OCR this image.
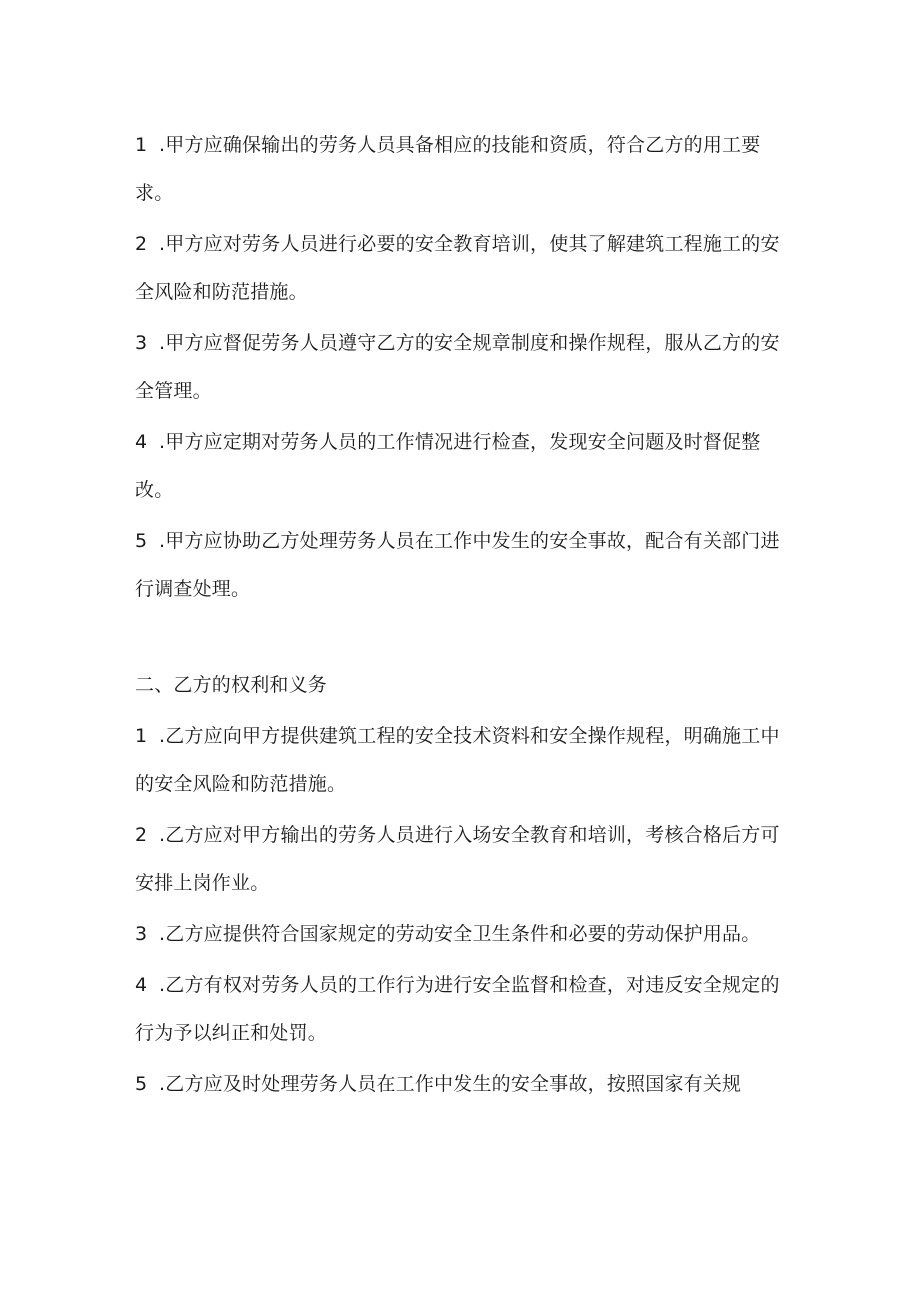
1 .甲方应确保输出的劳务人员具备相应的技能和资质，符合乙方的用工要求。
2 .甲方应对劳务人员进行必要的安全教育培训，使其了解建筑工程施工的安全风险和防范措施。
3 .甲方应督促劳务人员遵守乙方的安全规章制度和操作规程，服从乙方的安全管理。
4 .甲方应定期对劳务人员的工作情况进行检查，发现安全问题及时督促整改。
5 .甲方应协助乙方处理劳务人员在工作中发生的安全事故，配合有关部门进行调查处理。
二、乙方的权利和义务
1 .乙方应向甲方提供建筑工程的安全技术资料和安全操作规程，明确施工中的安全风险和防范措施。
2 .乙方应对甲方输出的劳务人员进行入场安全教育和培训，考核合格后方可安排上岗作业。
3 .乙方应提供符合国家规定的劳动安全卫生条件和必要的劳动保护用品。
4 .乙方有权对劳务人员的工作行为进行安全监督和检查，对违反安全规定的行为予以纠正和处罚。
5 .乙方应及时处理劳务人员在工作中发生的安全事故，按照国家有关规
